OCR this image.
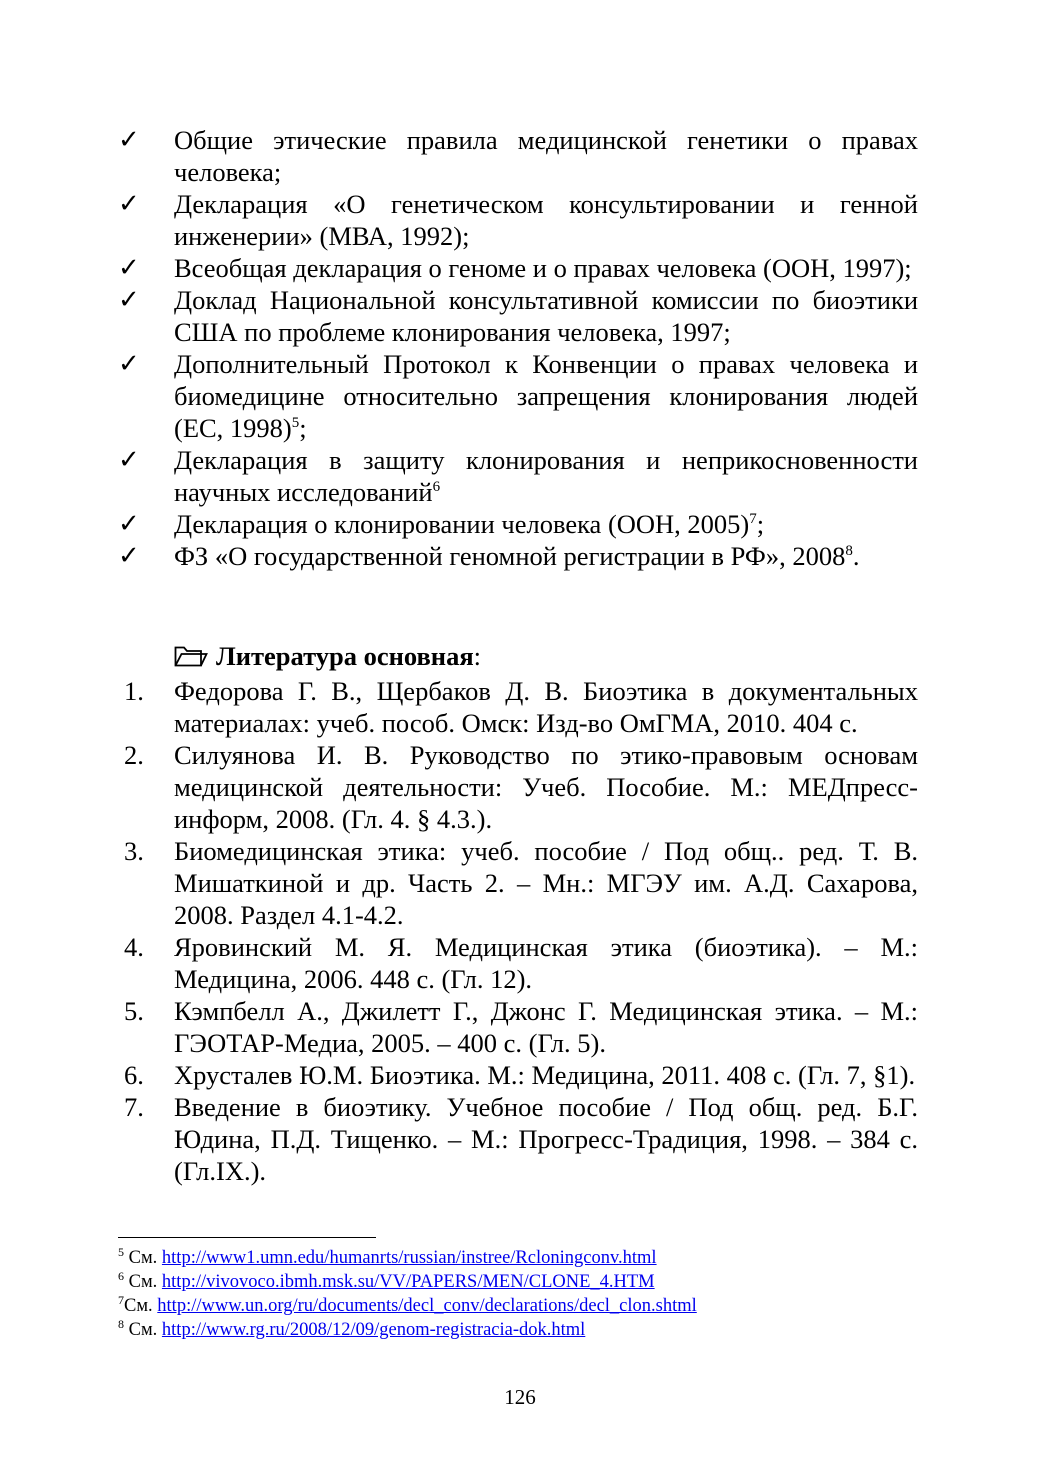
✓	Общие этические правила медицинской генетики о правах человека;
✓	Декларация «О генетическом консультировании и генной инженерии» (МВА, 1992);
✓	Всеобщая декларация о геноме и о правах человека (ООН, 1997);
✓	Доклад Национальной консультативной комиссии по биоэтики США по проблеме клонирования человека, 1997;
✓	Дополнительный Протокол к Конвенции о правах человека и биомедицине относительно запрещения клонирования людей (ЕС, 1998)$^5$;
✓	Декларация в защиту клонирования и неприкосновенности научных исследований$^6$
✓	Декларация о клонировании человека (ООН, 2005)$^7$;
✓	ФЗ «О государственной геномной регистрации в РФ», 2008$^8$.
Литература основная:
1. Федорова Г. В., Щербаков Д. В. Биоэтика в документальных материалах: учеб. пособ. Омск: Изд-во ОмГМА, 2010. 404 с.
2. Силуянова И. В. Руководство по этико-правовым основам медицинской деятельности: Учеб. Пособие. М.: МЕДпресс-информ, 2008. (Гл. 4. § 4.3.).
3. Биомедицинская этика: учеб. пособие / Под общ.. ред. Т. В. Мишаткиной и др. Часть 2. – Мн.: МГЭУ им. А.Д. Сахарова, 2008. Раздел 4.1-4.2.
4. Яровинский М. Я. Медицинская этика (биоэтика). – М.: Медицина, 2006. 448 с. (Гл. 12).
5. Кэмпбелл А., Джилетт Г., Джонс Г. Медицинская этика. – М.: ГЭОТАР-Медиа, 2005. – 400 с. (Гл. 5).
6. Хрусталев Ю.М. Биоэтика. М.: Медицина, 2011. 408 с. (Гл. 7, §1).
7. Введение в биоэтику. Учебное пособие / Под общ. ред. Б.Г. Юдина, П.Д. Тищенко. – М.: Прогресс-Традиция, 1998. – 384 с. (Гл.IX.).
$^5$ См. http://www1.umn.edu/humanrts/russian/instree/Rcloningconv.html
$^6$ См. http://vivovoco.ibmh.msk.su/VV/PAPERS/MEN/CLONE_4.HTM
$^7$См. http://www.un.org/ru/documents/decl_conv/declarations/decl_clon.shtml
$^8$ См. http://www.rg.ru/2008/12/09/genom-registracia-dok.html
126
